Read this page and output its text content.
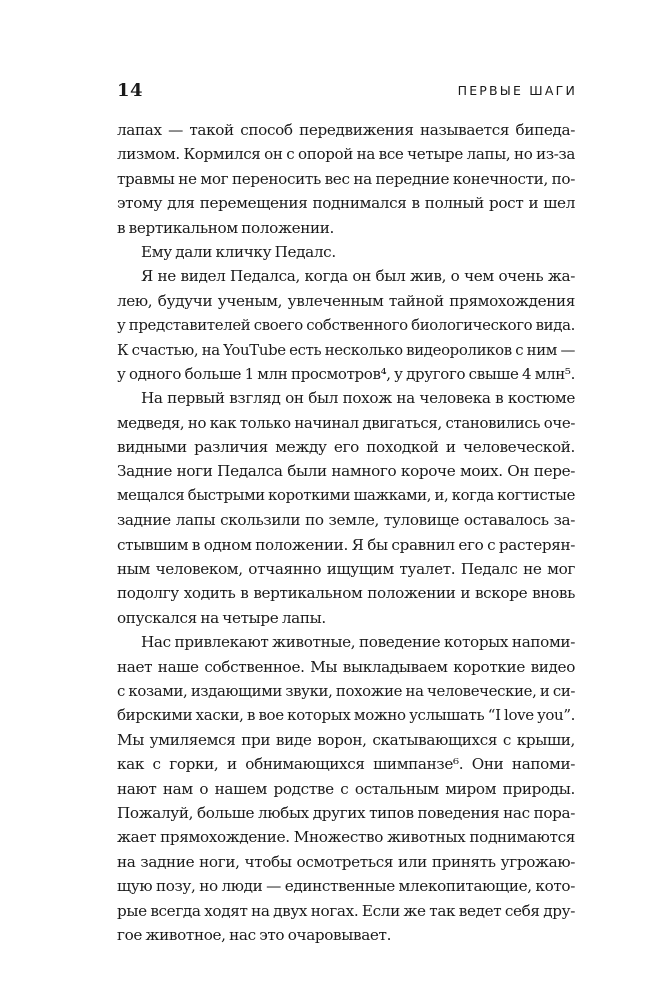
14	ПЕРВЫЕ ШАГИ
лапах — такой способ передвижения называется бипеда-
лизмом. Кормился он с опорой на все четыре лапы, но из-за
травмы не мог переносить вес на передние конечности, по-
этому для перемещения поднимался в полный рост и шел
в вертикальном положении.
Ему дали кличку Педалс.
Я не видел Педалса, когда он был жив, о чем очень жа-
лею, будучи ученым, увлеченным тайной прямохождения
у представителей своего собственного биологического вида.
К счастью, на YouTube есть несколько видеороликов с ним —
у одного больше 1 млн просмотров⁴, у другого свыше 4 млн⁵.
На первый взгляд он был похож на человека в костюме
медведя, но как только начинал двигаться, становились оче-
видными различия между его походкой и человеческой.
Задние ноги Педалса были намного короче моих. Он пере-
мещался быстрыми короткими шажками, и, когда когтистые
задние лапы скользили по земле, туловище оставалось за-
стывшим в одном положении. Я бы сравнил его с растерян-
ным человеком, отчаянно ищущим туалет. Педалс не мог
подолгу ходить в вертикальном положении и вскоре вновь
опускался на четыре лапы.
Нас привлекают животные, поведение которых напоми-
нает наше собственное. Мы выкладываем короткие видео
с козами, издающими звуки, похожие на человеческие, и си-
бирскими хаски, в вое которых можно услышать “I love you”.
Мы умиляемся при виде ворон, скатывающихся с крыши,
как с горки, и обнимающихся шимпанзе⁶. Они напоми-
нают нам о нашем родстве с остальным миром природы.
Пожалуй, больше любых других типов поведения нас пора-
жает прямохождение. Множество животных поднимаются
на задние ноги, чтобы осмотреться или принять угрожаю-
щую позу, но люди — единственные млекопитающие, кото-
рые всегда ходят на двух ногах. Если же так ведет себя дру-
гое животное, нас это очаровывает.
